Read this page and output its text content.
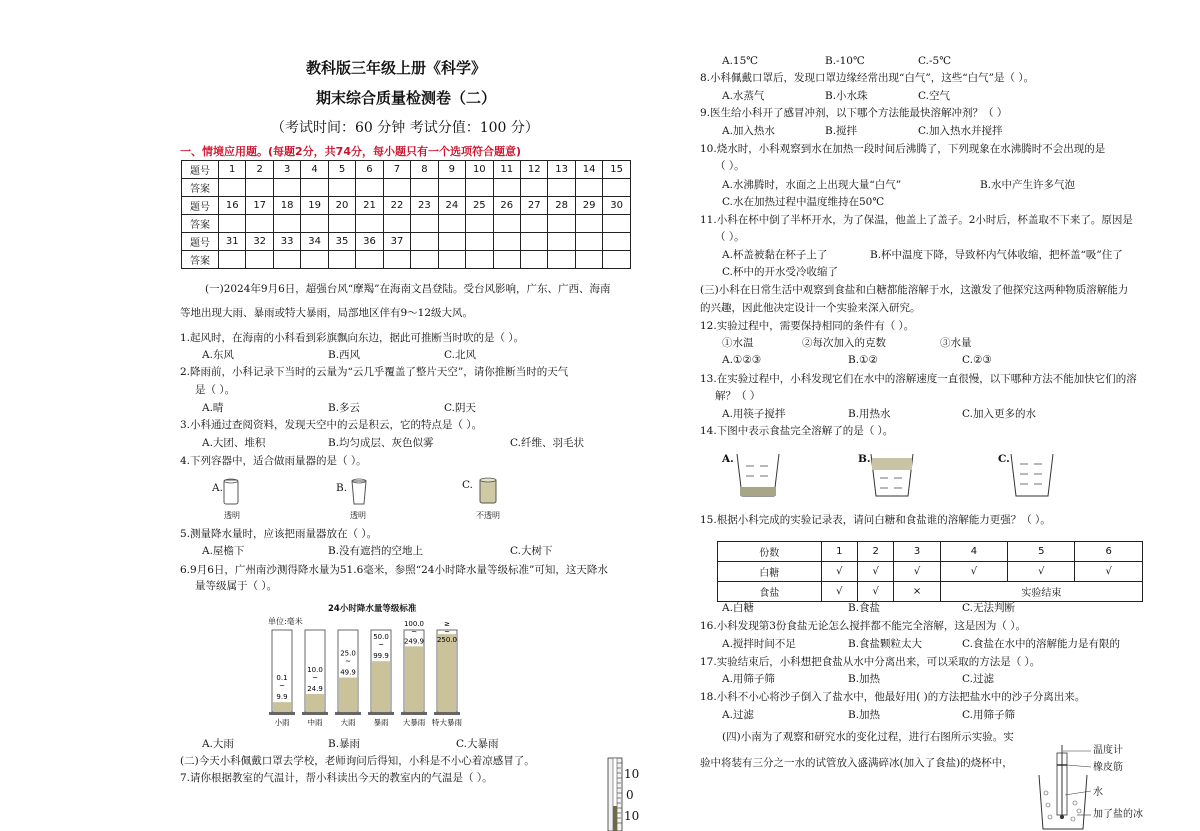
教科版三年级上册《科学》
期末综合质量检测卷（二）
（考试时间：60 分钟 考试分值：100 分）
一、情境应用题。(每题2分，共74分，每小题只有一个选项符合题意)
题号	1	2	3	4	5	6	7	8	9	10	11	12	13	14	15
答案															
题号	16	17	18	19	20	21	22	23	24	25	26	27	28	29	30
答案															
题号	31	32	33	34	35	36	37								
答案															
(一)2024年9月6日，超强台风“摩羯”在海南文昌登陆。受台风影响，广东、广西、海南
等地出现大雨、暴雨或特大暴雨，局部地区伴有9～12级大风。
1.起风时，在海南的小科看到彩旗飘向东边，据此可推断当时吹的是（ ）。
A.东风	B.西风	C.北风
2.降雨前，小科记录下当时的云量为“云几乎覆盖了整片天空”，请你推断当时的天气
是（ ）。
A.晴	B.多云	C.阴天
3.小科通过查阅资料，发现天空中的云是积云，它的特点是（ ）。
A.大团、堆积	B.均匀成层、灰色似雾	C.纤维、羽毛状
4.下列容器中，适合做雨量器的是（ ）。
A.	B.	C.
透明	透明	不透明
5.测量降水量时，应该把雨量器放在（ ）。
A.屋檐下	B.没有遮挡的空地上	C.大树下
6.9月6日，广州南沙测得降水量为51.6毫米，参照“24小时降水量等级标准”可知，这天降水
量等级属于（ ）。
24小时降水量等级标准
单位:毫米
0.1
~
9.9
小雨
10.0
~
24.9
中雨
25.0
~
49.9
大雨
50.0
~
99.9
暴雨
100.0
~
249.9
大暴雨
≥
~
250.0
特大暴雨
A.大雨	B.暴雨	C.大暴雨
(二)今天小科佩戴口罩去学校，老师询问后得知，小科是不小心着凉感冒了。
7.请你根据教室的气温计，帮小科读出今天的教室内的气温是（ ）。	10
0
10
A.15℃	B.-10℃	C.-5℃
8.小科佩戴口罩后，发现口罩边缘经常出现“白气”，这些“白气”是（ ）。
A.水蒸气	B.小水珠	C.空气
9.医生给小科开了感冒冲剂，以下哪个方法能最快溶解冲剂？（ ）
A.加入热水	B.搅拌	C.加入热水并搅拌
10.烧水时，小科观察到水在加热一段时间后沸腾了，下列现象在水沸腾时不会出现的是
（ ）。
A.水沸腾时，水面之上出现大量“白气”	B.水中产生许多气泡
C.水在加热过程中温度维持在50℃
11.小科在杯中倒了半杯开水，为了保温，他盖上了盖子。2小时后，杯盖取不下来了。原因是
（ ）。
A.杯盖被黏在杯子上了	B.杯中温度下降，导致杯内气体收缩，把杯盖“吸”住了
C.杯中的开水受冷收缩了
(三)小科在日常生活中观察到食盐和白糖都能溶解于水，这激发了他探究这两种物质溶解能力
的兴趣，因此他决定设计一个实验来深入研究。
12.实验过程中，需要保持相同的条件有（ ）。
①水温	②每次加入的克数	③水量
A.①②③	B.①②	C.②③
13.在实验过程中，小科发现它们在水中的溶解速度一直很慢，以下哪种方法不能加快它们的溶
解？（ ）
A.用筷子搅拌	B.用热水	C.加入更多的水
14.下图中表示食盐完全溶解了的是（ ）。
A.	B.	C.
15.根据小科完成的实验记录表，请问白糖和食盐谁的溶解能力更强？（ ）。
份数	1	2	3	4	5	6
白糖	√	√	√	√	√	√
食盐	√	√	×	实验结束		
A.白糖	B.食盐	C.无法判断
16.小科发现第3份食盐无论怎么搅拌都不能完全溶解，这是因为（ ）。
A.搅拌时间不足	B.食盐颗粒太大	C.食盐在水中的溶解能力是有限的
17.实验结束后，小科想把食盐从水中分离出来，可以采取的方法是（ ）。
A.用筛子筛	B.加热	C.过滤
18.小科不小心将沙子倒入了盐水中，他最好用( )的方法把盐水中的沙子分离出来。
A.过滤	B.加热	C.用筛子筛
(四)小南为了观察和研究水的变化过程，进行右图所示实验。实
验中将装有三分之一水的试管放入盛满碎冰(加入了食盐)的烧杯中，
温度计
橡皮筋
水
加了盐的冰
